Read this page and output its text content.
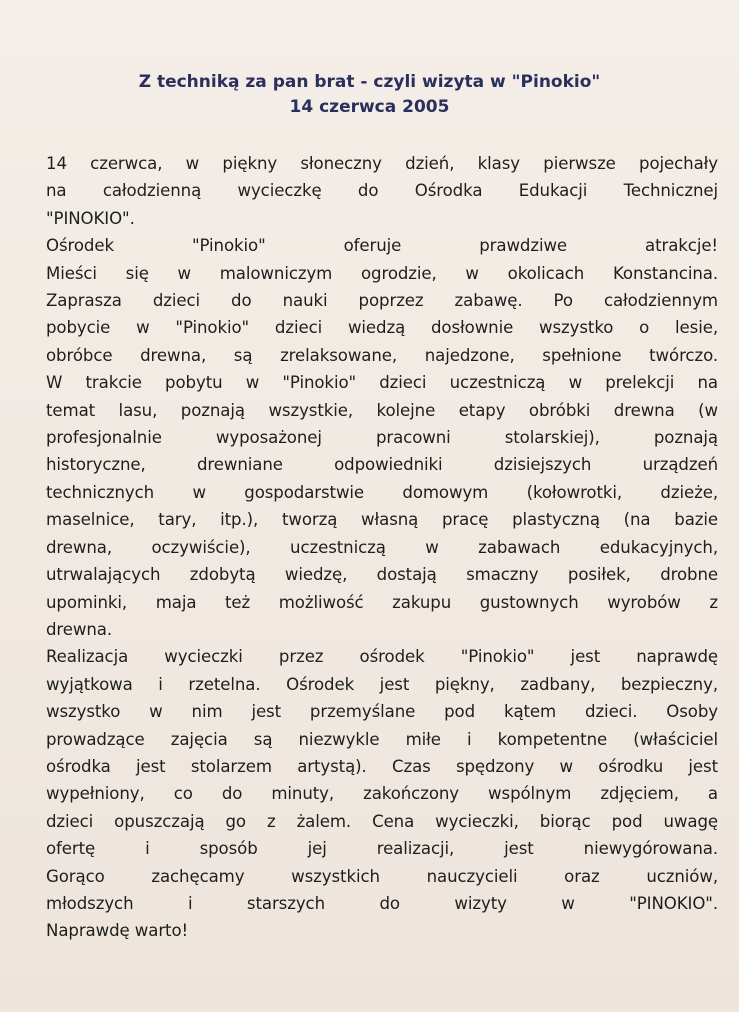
Z techniką za pan brat - czyli wizyta w "Pinokio"
14 czerwca 2005
14 czerwca, w piękny słoneczny dzień, klasy pierwsze pojechały
na całodzienną wycieczkę do Ośrodka Edukacji Technicznej
"PINOKIO".
Ośrodek "Pinokio" oferuje prawdziwe atrakcje!
Mieści się w malowniczym ogrodzie, w okolicach Konstancina.
Zaprasza dzieci do nauki poprzez zabawę. Po całodziennym
pobycie w "Pinokio" dzieci wiedzą dosłownie wszystko o lesie,
obróbce drewna, są zrelaksowane, najedzone, spełnione twórczo.
W trakcie pobytu w "Pinokio" dzieci uczestniczą w prelekcji na
temat lasu, poznają wszystkie, kolejne etapy obróbki drewna (w
profesjonalnie wyposażonej pracowni stolarskiej), poznają
historyczne, drewniane odpowiedniki dzisiejszych urządzeń
technicznych w gospodarstwie domowym (kołowrotki, dzieże,
maselnice, tary, itp.), tworzą własną pracę plastyczną (na bazie
drewna, oczywiście), uczestniczą w zabawach edukacyjnych,
utrwalających zdobytą wiedzę, dostają smaczny posiłek, drobne
upominki, maja też możliwość zakupu gustownych wyrobów z
drewna.
Realizacja wycieczki przez ośrodek "Pinokio" jest naprawdę
wyjątkowa i rzetelna. Ośrodek jest piękny, zadbany, bezpieczny,
wszystko w nim jest przemyślane pod kątem dzieci. Osoby
prowadzące zajęcia są niezwykle miłe i kompetentne (właściciel
ośrodka jest stolarzem artystą). Czas spędzony w ośrodku jest
wypełniony, co do minuty, zakończony wspólnym zdjęciem, a
dzieci opuszczają go z żalem. Cena wycieczki, biorąc pod uwagę
ofertę i sposób jej realizacji, jest niewygórowana.
Gorąco zachęcamy wszystkich nauczycieli oraz uczniów,
młodszych i starszych do wizyty w "PINOKIO".
Naprawdę warto!
